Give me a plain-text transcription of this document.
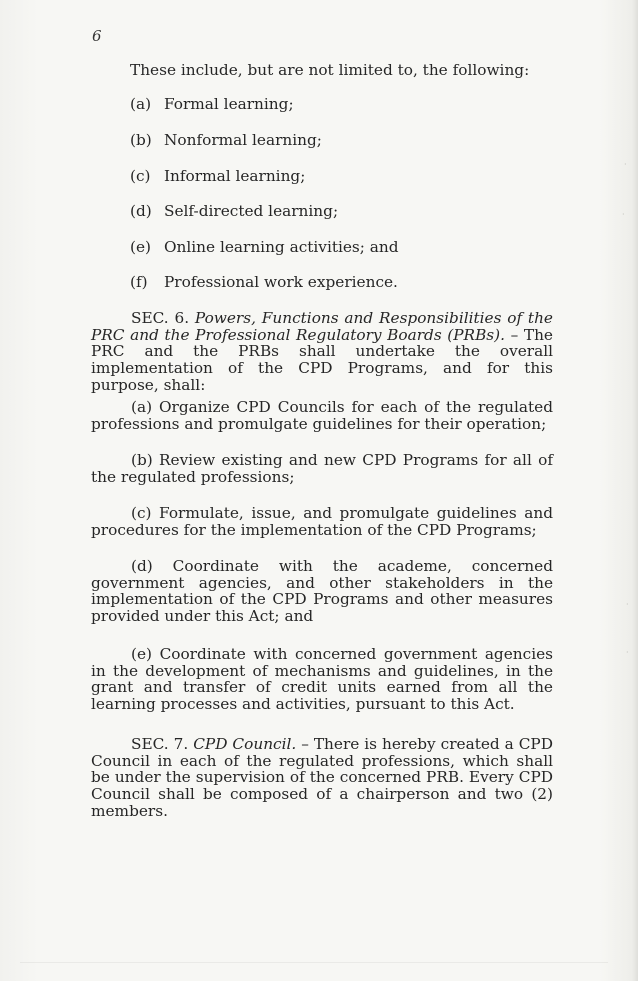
6
These include, but are not limited to, the following:
(a) Formal learning;
(b) Nonformal learning;
(c) Informal learning;
(d) Self-directed learning;
(e) Online learning activities; and
(f) Professional work experience.
SEC. 6. Powers, Functions and Responsibilities of the PRC and the Professional Regulatory Boards (PRBs). – The PRC and the PRBs shall undertake the overall implementation of the CPD Programs, and for this purpose, shall:
(a) Organize CPD Councils for each of the regulated professions and promulgate guidelines for their operation;
(b) Review existing and new CPD Programs for all of the regulated professions;
(c) Formulate, issue, and promulgate guidelines and procedures for the implementation of the CPD Programs;
(d) Coordinate with the academe, concerned government agencies, and other stakeholders in the implementation of the CPD Programs and other measures provided under this Act; and
(e) Coordinate with concerned government agencies in the development of mechanisms and guidelines, in the grant and transfer of credit units earned from all the learning processes and activities, pursuant to this Act.
SEC. 7. CPD Council. – There is hereby created a CPD Council in each of the regulated professions, which shall be under the supervision of the concerned PRB. Every CPD Council shall be composed of a chairperson and two (2) members.
·
·
·
·
